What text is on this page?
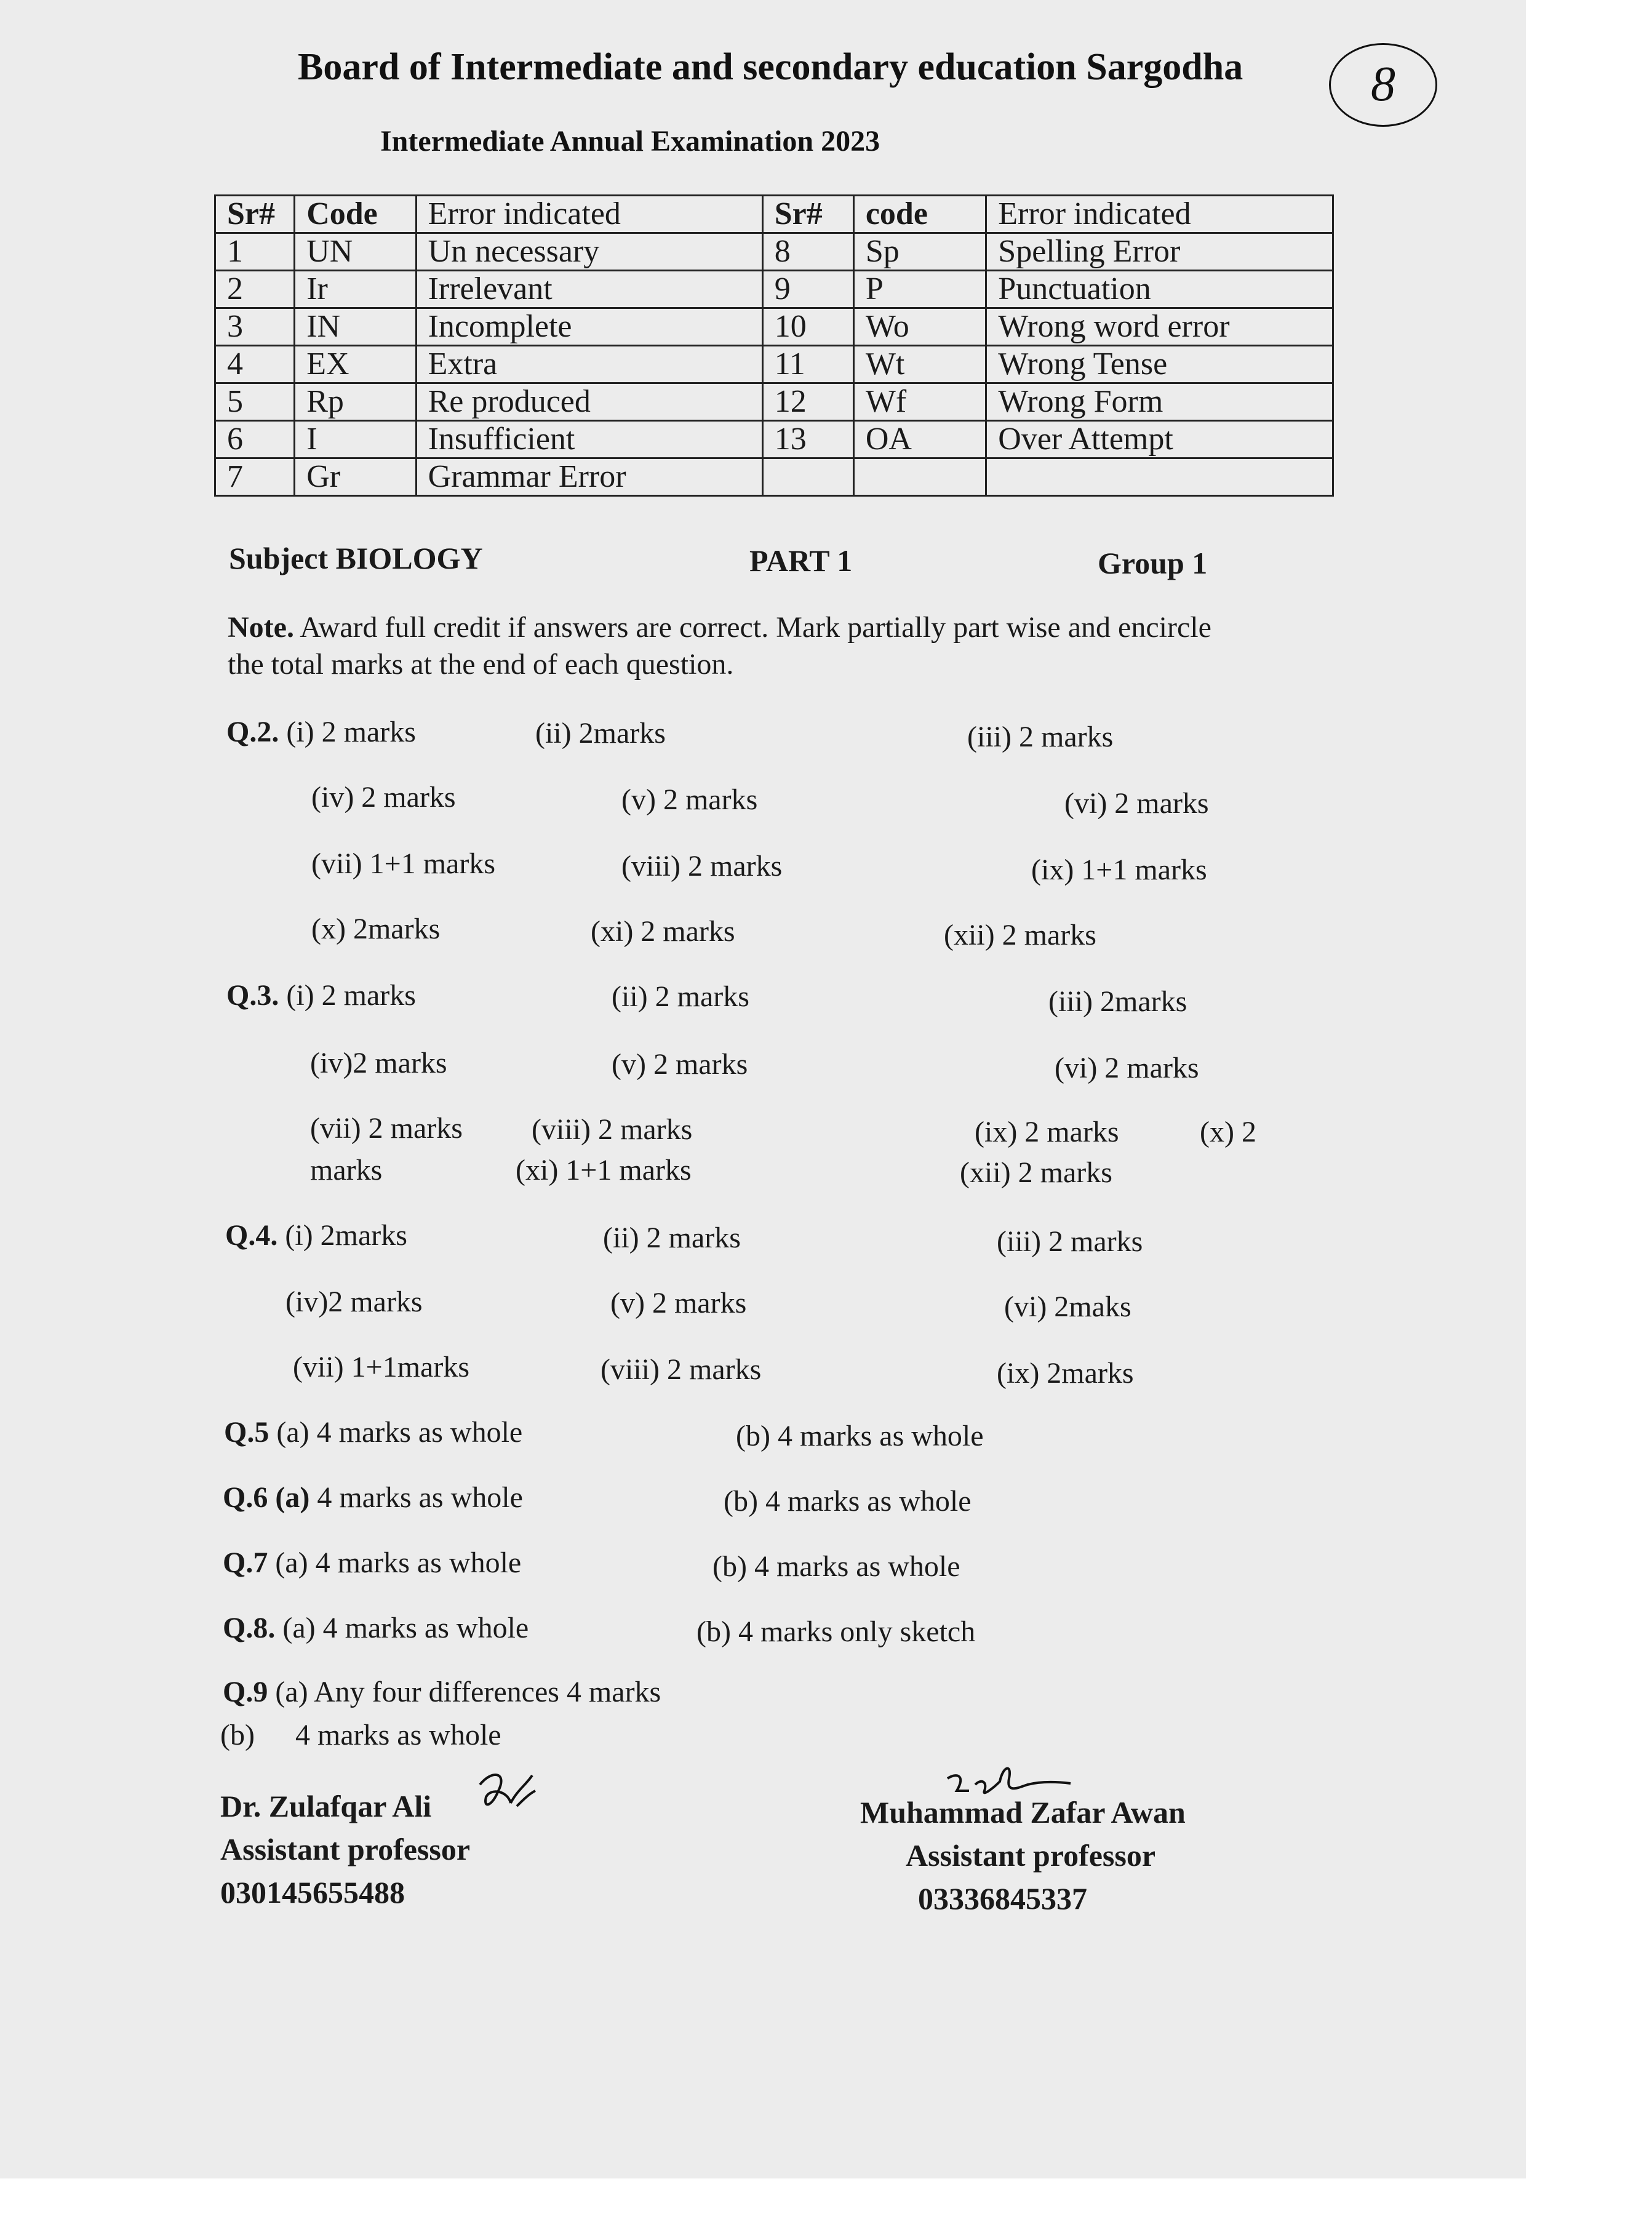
Board of Intermediate and secondary education Sargodha
Intermediate Annual Examination 2023
8
Sr#	Code	Error indicated	Sr#	code	Error indicated
1	UN	Un necessary	8	Sp	Spelling Error
2	Ir	Irrelevant	9	P	Punctuation
3	IN	Incomplete	10	Wo	Wrong word error
4	EX	Extra	11	Wt	Wrong Tense
5	Rp	Re produced	12	Wf	Wrong Form
6	I	Insufficient	13	OA	Over Attempt
7	Gr	Grammar Error			
Subject BIOLOGY	PART 1	Group 1
Note. Award full credit if answers are correct. Mark partially part wise and encircle
the total marks at the end of each question.
Q.2. (i) 2 marks	(ii) 2marks	(iii) 2 marks
(iv) 2 marks	(v) 2 marks	(vi) 2 marks
(vii) 1+1 marks	(viii) 2 marks	(ix) 1+1 marks
(x) 2marks	(xi) 2 marks	(xii) 2 marks
Q.3. (i) 2 marks	(ii) 2 marks	(iii) 2marks
(iv)2 marks	(v) 2 marks	(vi) 2 marks
(vii) 2 marks
marks
(viii) 2 marks
(xi) 1+1 marks
(ix) 2 marks	(x) 2
(xii) 2 marks
Q.4. (i) 2marks	(ii) 2 marks	(iii) 2 marks
(iv)2 marks	(v) 2 marks	(vi) 2maks
(vii) 1+1marks	(viii) 2 marks	(ix) 2marks
Q.5 (a) 4 marks as whole	(b) 4 marks as whole
Q.6 (a) 4 marks as whole	(b) 4 marks as whole
Q.7 (a) 4 marks as whole	(b) 4 marks as whole
Q.8. (a) 4 marks as whole	(b) 4 marks only sketch
Q.9 (a) Any four differences 4 marks
(b) 4 marks as whole
Dr. Zulafqar Ali
Assistant professor
030145655488
Muhammad Zafar Awan
Assistant professor
03336845337
